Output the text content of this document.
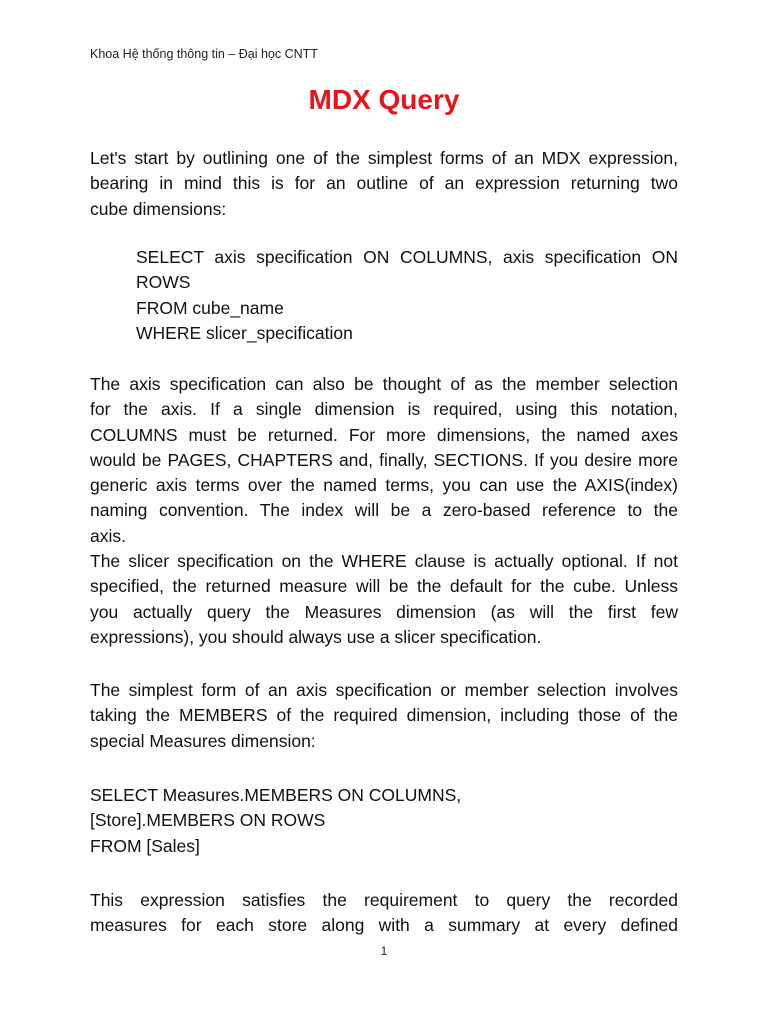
Khoa Hệ thống thông tin – Đại học CNTT
MDX Query
Let's start by outlining one of the simplest forms of an MDX expression,
bearing in mind this is for an outline of an expression returning two
cube dimensions:
SELECT axis specification ON COLUMNS, axis specification ON
ROWS
FROM cube_name
WHERE slicer_specification
The axis specification can also be thought of as the member selection
for the axis. If a single dimension is required, using this notation,
COLUMNS must be returned. For more dimensions, the named axes
would be PAGES, CHAPTERS and, finally, SECTIONS. If you desire more
generic axis terms over the named terms, you can use the AXIS(index)
naming convention. The index will be a zero-based reference to the
axis.
The slicer specification on the WHERE clause is actually optional. If not
specified, the returned measure will be the default for the cube. Unless
you actually query the Measures dimension (as will the first few
expressions), you should always use a slicer specification.
The simplest form of an axis specification or member selection involves
taking the MEMBERS of the required dimension, including those of the
special Measures dimension:
SELECT Measures.MEMBERS ON COLUMNS,
[Store].MEMBERS ON ROWS
FROM [Sales]
This expression satisfies the requirement to query the recorded
measures for each store along with a summary at every defined
1
